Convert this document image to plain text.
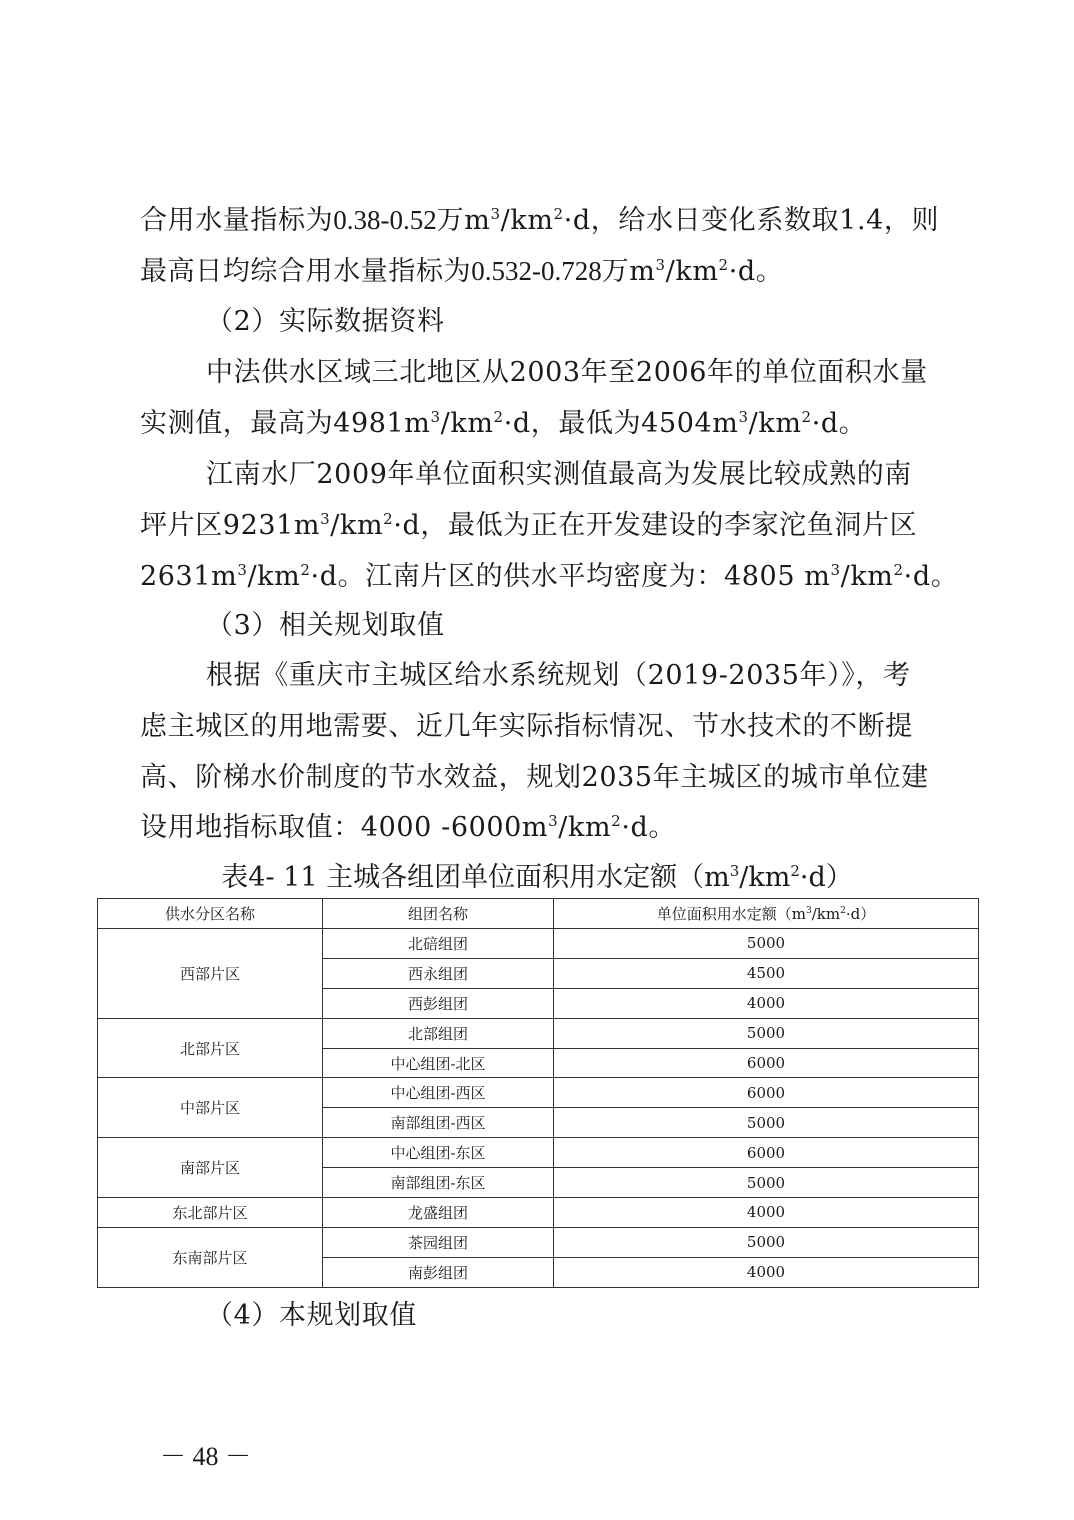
合用水量指标为0.38-0.52万$m^3/km^2\cdot d$，给水日变化系数取1.4，则

最高日均综合用水量指标为0.532-0.728万$m^3/km^2\cdot d$。

（2）实际数据资料

中法供水区域三北地区从2003年至2006年的单位面积水量

实测值，最高为$4981m^3/km^2\cdot d$，最低为$4504m^3/km^2\cdot d$。

江南水厂2009年单位面积实测值最高为发展比较成熟的南

坪片区$9231m^3/km^2\cdot d$，最低为正在开发建设的李家沱鱼洞片区

$2631m^3/km^2\cdot d$。江南片区的供水平均密度为：4805 $m^3/km^2\cdot d$。

（3）相关规划取值

根据《重庆市主城区给水系统规划（2019-2035年）》，考

虑主城区的用地需要、近几年实际指标情况、节水技术的不断提

高、阶梯水价制度的节水效益，规划2035年主城区的城市单位建

设用地指标取值：4000 $-6000m^3/km^2\cdot d$。

表4- 11 主城各组团单位面积用水定额$(m^3/km^2\cdot d)$
供水分区名称	组团名称	单位面积用水定额$(m^3/km^2\cdot d)$
西部片区	北碚组团	5000
	西永组团	4500
	西彭组团	4000
北部片区	北部组团	5000
	中心组团-北区	6000
中部片区	中心组团-西区	6000
	南部组团-西区	5000
南部片区	中心组团-东区	6000
	南部组团-东区	5000
东北部片区	龙盛组团	4000
东南部片区	茶园组团	5000
	南彭组团	4000

（4）本规划取值

－ 48 －
